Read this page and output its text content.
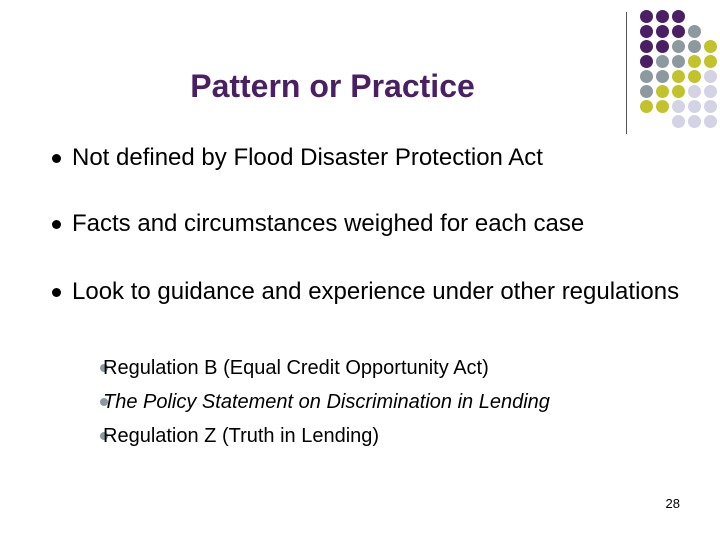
Pattern or Practice
Not defined by Flood Disaster Protection Act
Facts and circumstances weighed for each case
Look to guidance and experience under other regulations
Regulation B (Equal Credit Opportunity Act)
The Policy Statement on Discrimination in Lending
Regulation Z (Truth in Lending)
28
